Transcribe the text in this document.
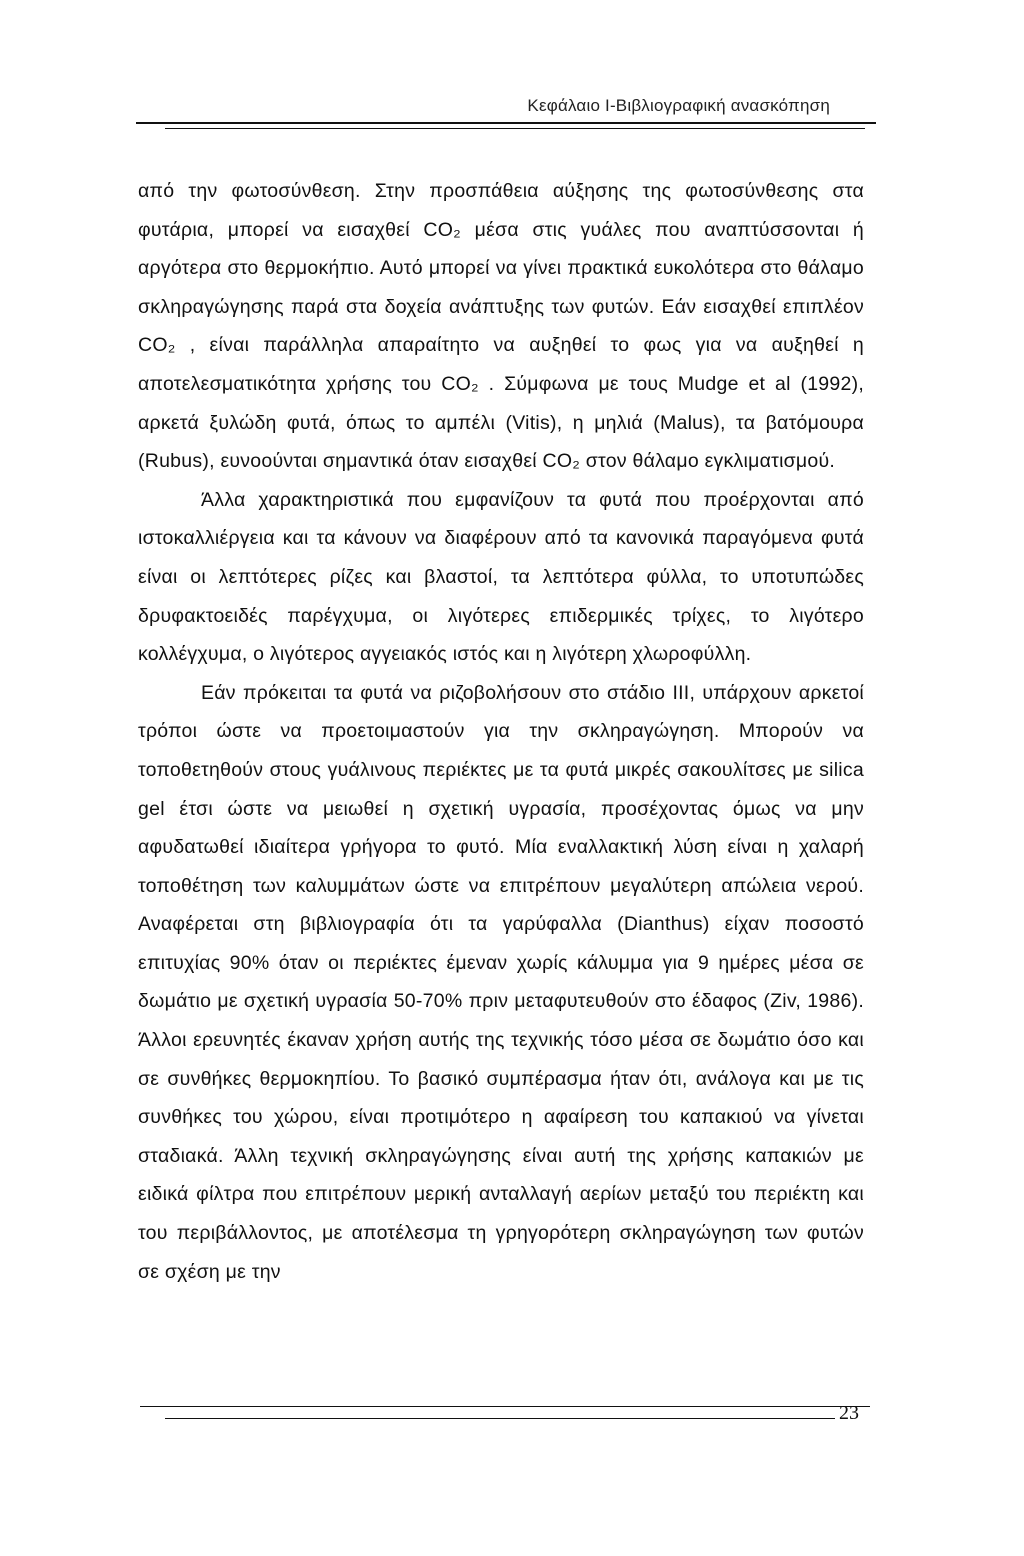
Κεφάλαιο Ι-Βιβλιογραφική ανασκόπηση

από την φωτοσύνθεση. Στην προσπάθεια αύξησης της φωτοσύνθεσης στα φυτάρια, μπορεί να εισαχθεί CO₂ μέσα στις γυάλες που αναπτύσσονται ή αργότερα στο θερμοκήπιο. Αυτό μπορεί να γίνει πρακτικά ευκολότερα στο θάλαμο σκληραγώγησης παρά στα δοχεία ανάπτυξης των φυτών. Εάν εισαχθεί επιπλέον CO₂ , είναι παράλληλα απαραίτητο να αυξηθεί το φως για να αυξηθεί η αποτελεσματικότητα χρήσης του CO₂ . Σύμφωνα με τους Mudge et al (1992), αρκετά ξυλώδη φυτά, όπως το αμπέλι (Vitis), η μηλιά (Malus), τα βατόμουρα (Rubus), ευνοούνται σημαντικά όταν εισαχθεί CO₂ στον θάλαμο εγκλιματισμού.

Άλλα χαρακτηριστικά που εμφανίζουν τα φυτά που προέρχονται από ιστοκαλλιέργεια και τα κάνουν να διαφέρουν από τα κανονικά παραγόμενα φυτά είναι οι λεπτότερες ρίζες και βλαστοί, τα λεπτότερα φύλλα, το υποτυπώδες δρυφακτοειδές παρέγχυμα, οι λιγότερες επιδερμικές τρίχες, το λιγότερο κολλέγχυμα, ο λιγότερος αγγειακός ιστός και η λιγότερη χλωροφύλλη.

Εάν πρόκειται τα φυτά να ριζοβολήσουν στο στάδιο III, υπάρχουν αρκετοί τρόποι ώστε να προετοιμαστούν για την σκληραγώγηση. Μπορούν να τοποθετηθούν στους γυάλινους περιέκτες με τα φυτά μικρές σακουλίτσες με silica gel έτσι ώστε να μειωθεί η σχετική υγρασία, προσέχοντας όμως να μην αφυδατωθεί ιδιαίτερα γρήγορα το φυτό. Μία εναλλακτική λύση είναι η χαλαρή τοποθέτηση των καλυμμάτων ώστε να επιτρέπουν μεγαλύτερη απώλεια νερού. Αναφέρεται στη βιβλιογραφία ότι τα γαρύφαλλα (Dianthus) είχαν ποσοστό επιτυχίας 90% όταν οι περιέκτες έμεναν χωρίς κάλυμμα για 9 ημέρες μέσα σε δωμάτιο με σχετική υγρασία 50-70% πριν μεταφυτευθούν στο έδαφος (Ziv, 1986). Άλλοι ερευνητές έκαναν χρήση αυτής της τεχνικής τόσο μέσα σε δωμάτιο όσο και σε συνθήκες θερμοκηπίου. Το βασικό συμπέρασμα ήταν ότι, ανάλογα και με τις συνθήκες του χώρου, είναι προτιμότερο η αφαίρεση του καπακιού να γίνεται σταδιακά. Άλλη τεχνική σκληραγώγησης είναι αυτή της χρήσης καπακιών με ειδικά φίλτρα που επιτρέπουν μερική ανταλλαγή αερίων μεταξύ του περιέκτη και του περιβάλλοντος, με αποτέλεσμα τη γρηγορότερη σκληραγώγηση των φυτών σε σχέση με την

23
